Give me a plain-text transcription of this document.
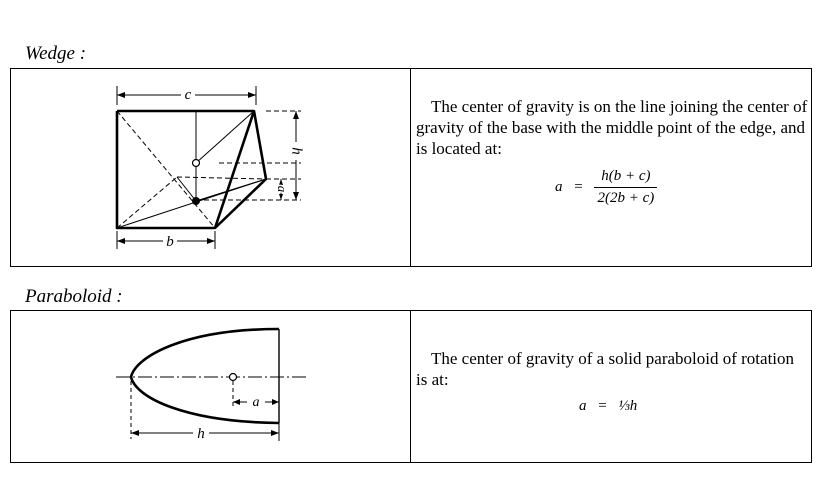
Wedge :
c
h
a
b

The center of gravity is on the line joining the center of gravity of the base with the middle point of the edge, and is located at:

$a = \frac{h(b + c)}{2(2b + c)}$
Paraboloid :
a
h

The center of gravity of a solid paraboloid of rotation is at:

a = ⅓h
